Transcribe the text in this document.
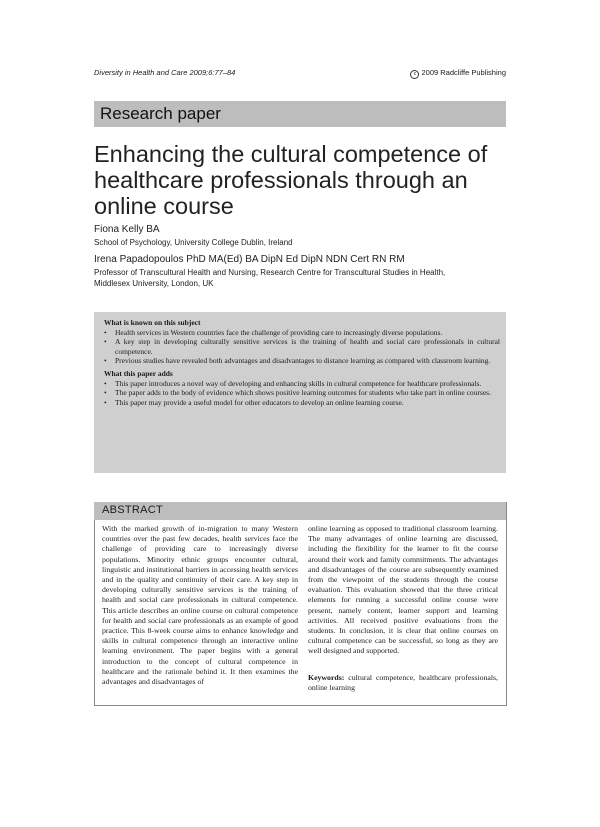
Diversity in Health and Care 2009;6:77–84	c 2009 Radcliffe Publishing
Research paper
Enhancing the cultural competence of
healthcare professionals through an
online course
Fiona Kelly BA
School of Psychology, University College Dublin, Ireland
Irena Papadopoulos PhD MA(Ed) BA DipN Ed DipN NDN Cert RN RM
Professor of Transcultural Health and Nursing, Research Centre for Transcultural Studies in Health,
Middlesex University, London, UK
What is known on this subject
• Health services in Western countries face the challenge of providing care to increasingly diverse populations.
• A key step in developing culturally sensitive services is the training of health and social care professionals in cultural competence.
• Previous studies have revealed both advantages and disadvantages to distance learning as compared with classroom learning.
What this paper adds
• This paper introduces a novel way of developing and enhancing skills in cultural competence for healthcare professionals.
• The paper adds to the body of evidence which shows positive learning outcomes for students who take part in online courses.
• This paper may provide a useful model for other educators to develop an online learning course.
ABSTRACT
With the marked growth of in-migration to many Western countries over the past few decades, health services face the challenge of providing care to increasingly diverse populations. Minority ethnic groups encounter cultural, linguistic and institutional barriers in accessing health services and in the quality and continuity of their care. A key step in developing culturally sensitive services is the training of health and social care professionals in cultural competence. This article describes an online course on cultural competence for health and social care professionals as an example of good practice. This 8-week course aims to enhance knowledge and skills in cultural competence through an interactive online learning environment. The paper begins with a general introduction to the concept of cultural competence in healthcare and the rationale behind it. It then examines the advantages and disadvantages of
online learning as opposed to traditional classroom learning. The many advantages of online learning are discussed, including the flexibility for the learner to fit the course around their work and family commitments. The advantages and disadvantages of the course are subsequently examined from the viewpoint of the students through the course evaluation. This evaluation showed that the three critical elements for running a successful online course were present, namely content, learner support and learning activities. All received positive evaluations from the students. In conclusion, it is clear that online courses on cultural competence can be successful, so long as they are well designed and supported.
Keywords: cultural competence, healthcare professionals, online learning
